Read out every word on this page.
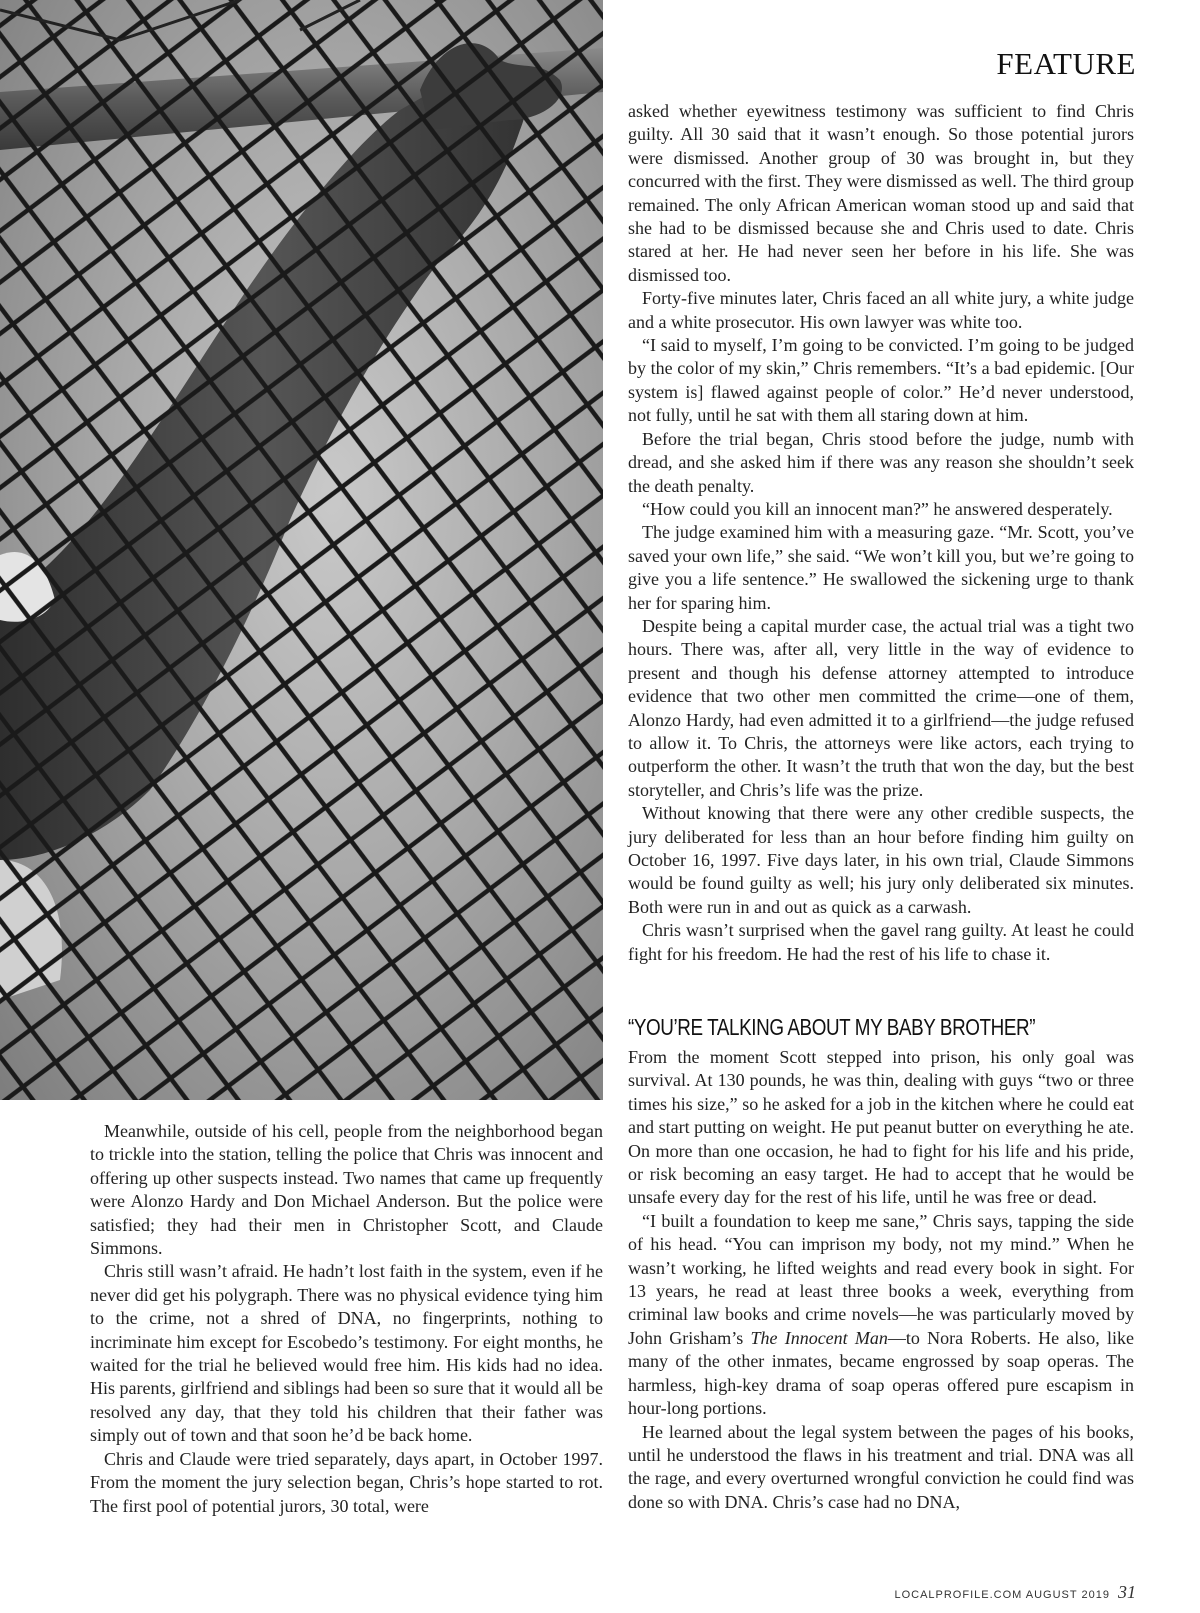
FEATURE

Meanwhile, outside of his cell, people from the neighborhood began to trickle into the station, telling the police that Chris was innocent and offering up other suspects instead. Two names that came up frequently were Alonzo Hardy and Don Michael Anderson. But the police were satisfied; they had their men in Christopher Scott, and Claude Simmons.

Chris still wasn’t afraid. He hadn’t lost faith in the system, even if he never did get his polygraph. There was no physical evidence tying him to the crime, not a shred of DNA, no fingerprints, nothing to incriminate him except for Escobedo’s testimony. For eight months, he waited for the trial he believed would free him. His kids had no idea. His parents, girlfriend and siblings had been so sure that it would all be resolved any day, that they told his children that their father was simply out of town and that soon he’d be back home.

Chris and Claude were tried separately, days apart, in October 1997. From the moment the jury selection began, Chris’s hope started to rot. The first pool of potential jurors, 30 total, were

asked whether eyewitness testimony was sufficient to find Chris guilty. All 30 said that it wasn’t enough. So those potential jurors were dismissed. Another group of 30 was brought in, but they concurred with the first. They were dismissed as well. The third group remained. The only African American woman stood up and said that she had to be dismissed because she and Chris used to date. Chris stared at her. He had never seen her before in his life. She was dismissed too.

Forty-five minutes later, Chris faced an all white jury, a white judge and a white prosecutor. His own lawyer was white too.

“I said to myself, I’m going to be convicted. I’m going to be judged by the color of my skin,” Chris remembers. “It’s a bad epidemic. [Our system is] flawed against people of color.” He’d never understood, not fully, until he sat with them all staring down at him.

Before the trial began, Chris stood before the judge, numb with dread, and she asked him if there was any reason she shouldn’t seek the death penalty.

“How could you kill an innocent man?” he answered desperately.

The judge examined him with a measuring gaze. “Mr. Scott, you’ve saved your own life,” she said. “We won’t kill you, but we’re going to give you a life sentence.” He swallowed the sickening urge to thank her for sparing him.

Despite being a capital murder case, the actual trial was a tight two hours. There was, after all, very little in the way of evidence to present and though his defense attorney attempted to introduce evidence that two other men committed the crime—one of them, Alonzo Hardy, had even admitted it to a girlfriend—the judge refused to allow it. To Chris, the attorneys were like actors, each trying to outperform the other. It wasn’t the truth that won the day, but the best storyteller, and Chris’s life was the prize.

Without knowing that there were any other credible suspects, the jury deliberated for less than an hour before finding him guilty on October 16, 1997. Five days later, in his own trial, Claude Simmons would be found guilty as well; his jury only deliberated six minutes. Both were run in and out as quick as a carwash.

Chris wasn’t surprised when the gavel rang guilty. At least he could fight for his freedom. He had the rest of his life to chase it.

“YOU’RE TALKING ABOUT MY BABY BROTHER”

From the moment Scott stepped into prison, his only goal was survival. At 130 pounds, he was thin, dealing with guys “two or three times his size,” so he asked for a job in the kitchen where he could eat and start putting on weight. He put peanut butter on everything he ate. On more than one occasion, he had to fight for his life and his pride, or risk becoming an easy target. He had to accept that he would be unsafe every day for the rest of his life, until he was free or dead.

“I built a foundation to keep me sane,” Chris says, tapping the side of his head. “You can imprison my body, not my mind.” When he wasn’t working, he lifted weights and read every book in sight. For 13 years, he read at least three books a week, everything from criminal law books and crime novels—he was particularly moved by John Grisham’s The Innocent Man—to Nora Roberts. He also, like many of the other inmates, became engrossed by soap operas. The harmless, high-key drama of soap operas offered pure escapism in hour-long portions.

He learned about the legal system between the pages of his books, until he understood the flaws in his treatment and trial. DNA was all the rage, and every overturned wrongful conviction he could find was done so with DNA. Chris’s case had no DNA,

LOCALPROFILE.COM AUGUST 2019 31
